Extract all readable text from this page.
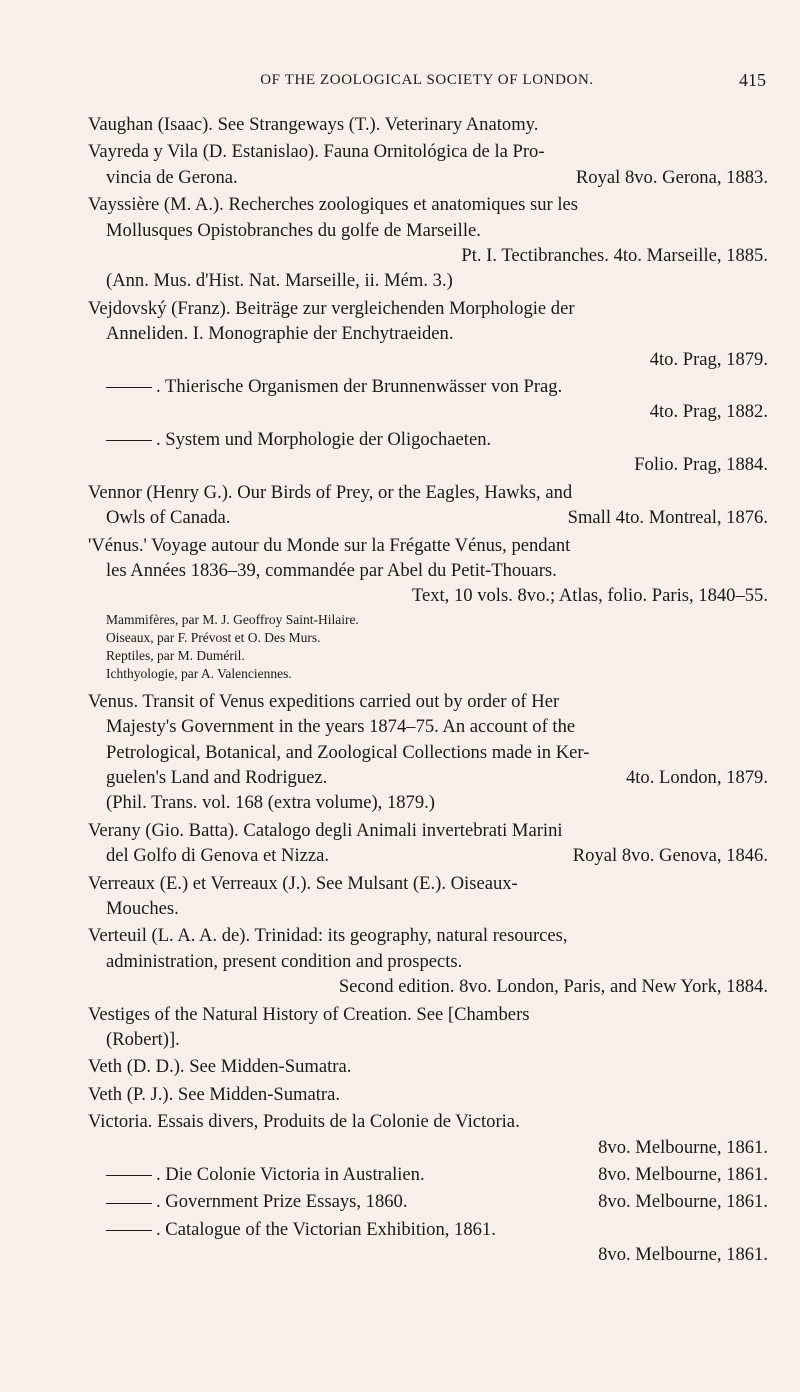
OF THE ZOOLOGICAL SOCIETY OF LONDON.	415
Vaughan (Isaac). See Strangeways (T.). Veterinary Anatomy.
Vayreda y Vila (D. Estanislao). Fauna Ornitológica de la Pro-
vincia de Gerona.	Royal 8vo. Gerona, 1883.
Vayssière (M. A.). Recherches zoologiques et anatomiques sur les
Mollusques Opistobranches du golfe de Marseille.
Pt. I. Tectibranches. 4to. Marseille, 1885.
(Ann. Mus. d'Hist. Nat. Marseille, ii. Mém. 3.)
Vejdovský (Franz). Beiträge zur vergleichenden Morphologie der
Anneliden. I. Monographie der Enchytraeiden.
4to. Prag, 1879.
. Thierische Organismen der Brunnenwässer von Prag.
4to. Prag, 1882.
. System und Morphologie der Oligochaeten.
Folio. Prag, 1884.
Vennor (Henry G.). Our Birds of Prey, or the Eagles, Hawks, and
Owls of Canada.	Small 4to. Montreal, 1876.
'Vénus.' Voyage autour du Monde sur la Frégatte Vénus, pendant
les Années 1836–39, commandée par Abel du Petit-Thouars.
Text, 10 vols. 8vo.; Atlas, folio. Paris, 1840–55.
Mammifères, par M. J. Geoffroy Saint-Hilaire.
Oiseaux, par F. Prévost et O. Des Murs.
Reptiles, par M. Duméril.
Ichthyologie, par A. Valenciennes.
Venus. Transit of Venus expeditions carried out by order of Her
Majesty's Government in the years 1874–75. An account of the
Petrological, Botanical, and Zoological Collections made in Ker-
guelen's Land and Rodriguez.	4to. London, 1879.
(Phil. Trans. vol. 168 (extra volume), 1879.)
Verany (Gio. Batta). Catalogo degli Animali invertebrati Marini
del Golfo di Genova et Nizza.	Royal 8vo. Genova, 1846.
Verreaux (E.) et Verreaux (J.). See Mulsant (E.). Oiseaux-
Mouches.
Verteuil (L. A. A. de). Trinidad: its geography, natural resources,
administration, present condition and prospects.
Second edition. 8vo. London, Paris, and New York, 1884.
Vestiges of the Natural History of Creation. See [Chambers
(Robert)].
Veth (D. D.). See Midden-Sumatra.
Veth (P. J.). See Midden-Sumatra.
Victoria. Essais divers, Produits de la Colonie de Victoria.
8vo. Melbourne, 1861.
. Die Colonie Victoria in Australien.	8vo. Melbourne, 1861.
. Government Prize Essays, 1860.	8vo. Melbourne, 1861.
. Catalogue of the Victorian Exhibition, 1861.
8vo. Melbourne, 1861.
